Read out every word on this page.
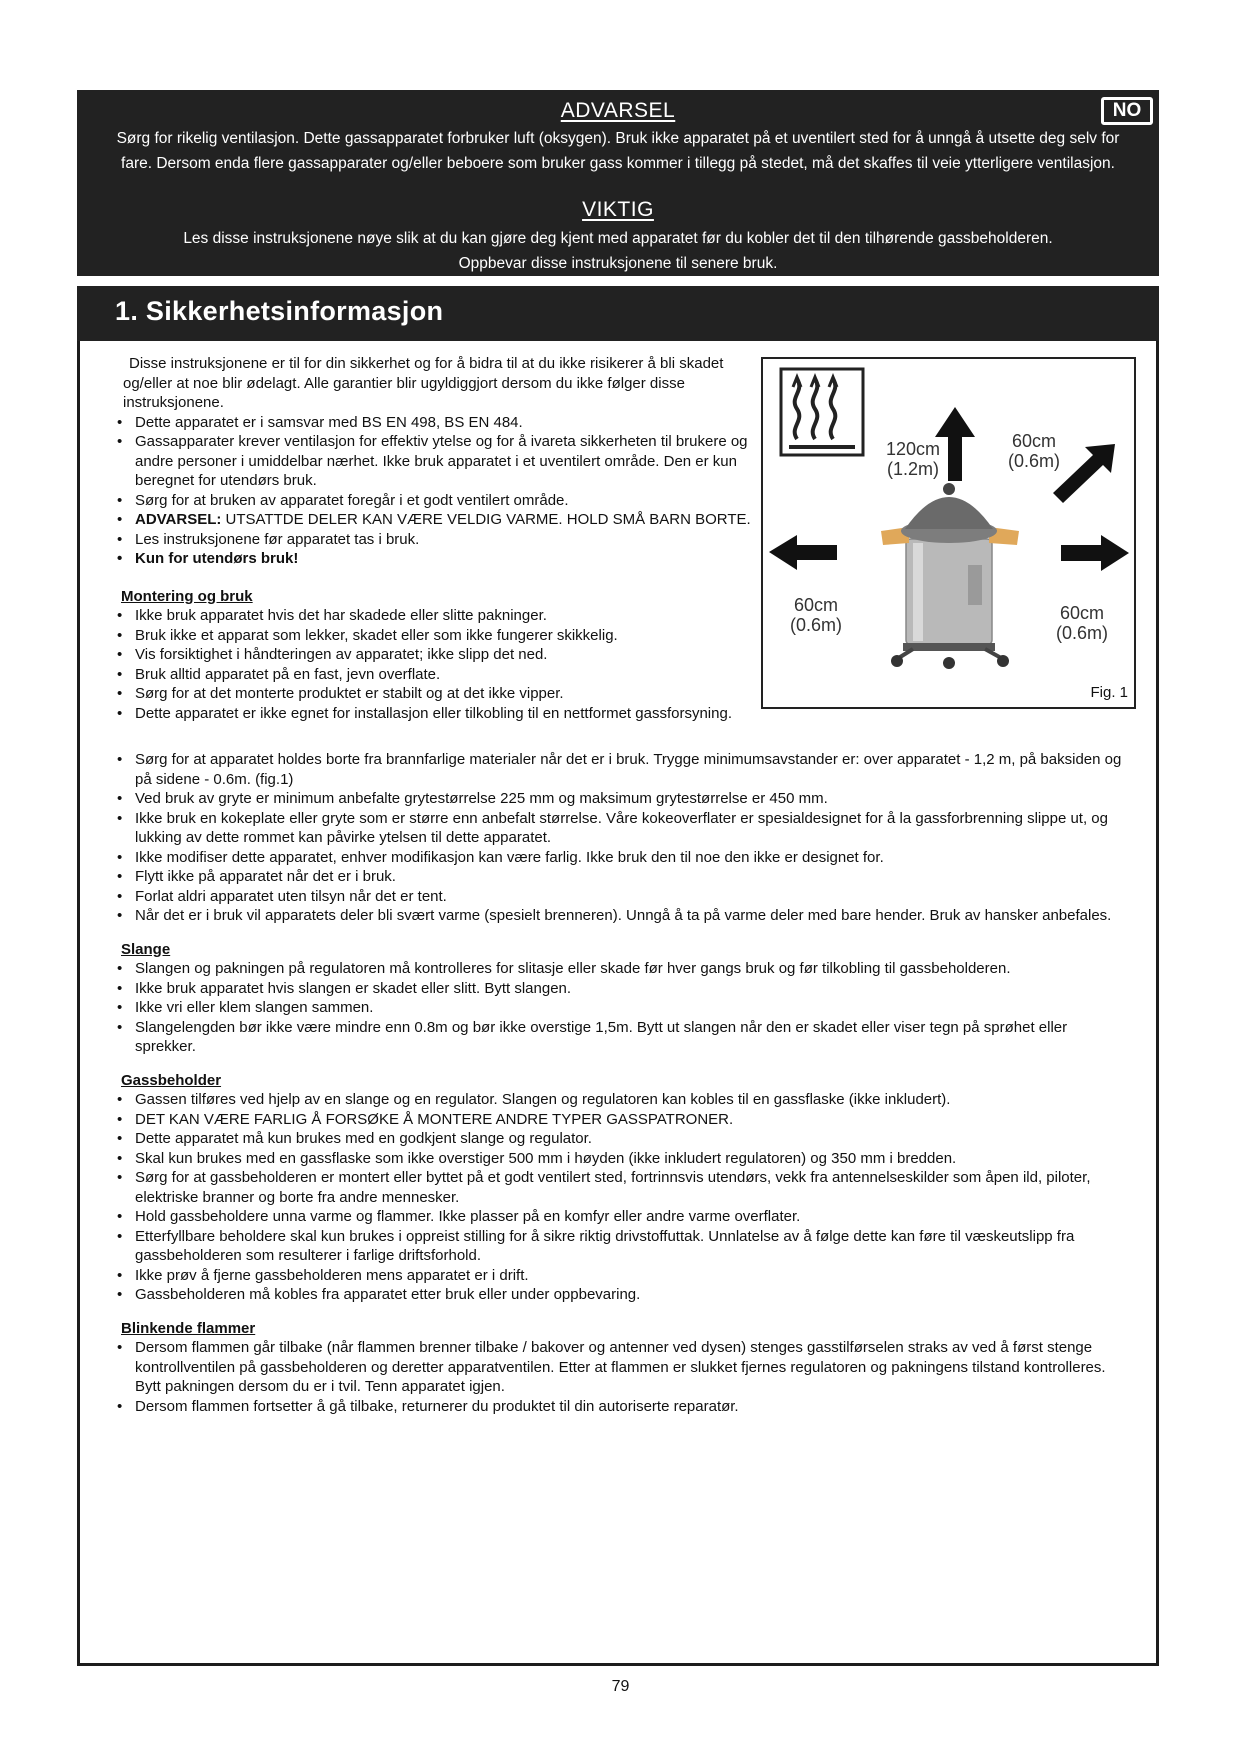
NO
ADVARSEL
Sørg for rikelig ventilasjon. Dette gassapparatet forbruker luft (oksygen). Bruk ikke apparatet på et uventilert sted for å unngå å utsette deg selv for fare. Dersom enda flere gassapparater og/eller beboere som bruker gass kommer i tillegg på stedet, må det skaffes til veie ytterligere ventilasjon.
VIKTIG
Les disse instruksjonene nøye slik at du kan gjøre deg kjent med apparatet før du kobler det til den tilhørende gassbeholderen.
Oppbevar disse instruksjonene til senere bruk.
1. Sikkerhetsinformasjon
Disse instruksjonene er til for din sikkerhet og for å bidra til at du ikke risikerer å bli skadet
og/eller at noe blir ødelagt. Alle garantier blir ugyldiggjort dersom du ikke følger disse instruksjonene.
• Dette apparatet er i samsvar med BS EN 498, BS EN 484.
• Gassapparater krever ventilasjon for effektiv ytelse og for å ivareta sikkerheten til brukere og andre personer i umiddelbar nærhet. Ikke bruk apparatet i et uventilert område. Den er kun beregnet for utendørs bruk.
• Sørg for at bruken av apparatet foregår i et godt ventilert område.
• ADVARSEL: UTSATTDE DELER KAN VÆRE VELDIG VARME. HOLD SMÅ BARN BORTE.
• Les instruksjonene før apparatet tas i bruk.
• Kun for utendørs bruk!
Montering og bruk
• Ikke bruk apparatet hvis det har skadede eller slitte pakninger.
• Bruk ikke et apparat som lekker, skadet eller som ikke fungerer skikkelig.
• Vis forsiktighet i håndteringen av apparatet; ikke slipp det ned.
• Bruk alltid apparatet på en fast, jevn overflate.
• Sørg for at det monterte produktet er stabilt og at det ikke vipper.
• Dette apparatet er ikke egnet for installasjon eller tilkobling til en nettformet gassforsyning.
120cm
(1.2m)
60cm
(0.6m)
60cm
(0.6m)
60cm
(0.6m)
Fig. 1
• Sørg for at apparatet holdes borte fra brannfarlige materialer når det er i bruk. Trygge minimumsavstander er: over apparatet - 1,2 m, på baksiden og på sidene - 0.6m. (fig.1)
• Ved bruk av gryte er minimum anbefalte grytestørrelse 225 mm og maksimum grytestørrelse er 450 mm.
• Ikke bruk en kokeplate eller gryte som er større enn anbefalt størrelse. Våre kokeoverflater er spesialdesignet for å la gassforbrenning slippe ut, og lukking av dette rommet kan påvirke ytelsen til dette apparatet.
• Ikke modifiser dette apparatet, enhver modifikasjon kan være farlig. Ikke bruk den til noe den ikke er designet for.
• Flytt ikke på apparatet når det er i bruk.
• Forlat aldri apparatet uten tilsyn når det er tent.
• Når det er i bruk vil apparatets deler bli svært varme (spesielt brenneren). Unngå å ta på varme deler med bare hender. Bruk av hansker anbefales.
Slange
• Slangen og pakningen på regulatoren må kontrolleres for slitasje eller skade før hver gangs bruk og før tilkobling til gassbeholderen.
• Ikke bruk apparatet hvis slangen er skadet eller slitt. Bytt slangen.
• Ikke vri eller klem slangen sammen.
• Slangelengden bør ikke være mindre enn 0.8m og bør ikke overstige 1,5m. Bytt ut slangen når den er skadet eller viser tegn på sprøhet eller sprekker.
Gassbeholder
• Gassen tilføres ved hjelp av en slange og en regulator. Slangen og regulatoren kan kobles til en gassflaske (ikke inkludert).
• DET KAN VÆRE FARLIG Å FORSØKE Å MONTERE ANDRE TYPER GASSPATRONER.
• Dette apparatet må kun brukes med en godkjent slange og regulator.
• Skal kun brukes med en gassflaske som ikke overstiger 500 mm i høyden (ikke inkludert regulatoren) og 350 mm i bredden.
• Sørg for at gassbeholderen er montert eller byttet på et godt ventilert sted, fortrinnsvis utendørs, vekk fra antennelseskilder som åpen ild, piloter, elektriske branner og borte fra andre mennesker.
• Hold gassbeholdere unna varme og flammer. Ikke plasser på en komfyr eller andre varme overflater.
• Etterfyllbare beholdere skal kun brukes i oppreist stilling for å sikre riktig drivstoffuttak. Unnlatelse av å følge dette kan føre til væskeutslipp fra gassbeholderen som resulterer i farlige driftsforhold.
• Ikke prøv å fjerne gassbeholderen mens apparatet er i drift.
• Gassbeholderen må kobles fra apparatet etter bruk eller under oppbevaring.
Blinkende flammer
• Dersom flammen går tilbake (når flammen brenner tilbake / bakover og antenner ved dysen) stenges gasstilførselen straks av ved å først stenge kontrollventilen på gassbeholderen og deretter apparatventilen. Etter at flammen er slukket fjernes regulatoren og pakningens tilstand kontrolleres. Bytt pakningen dersom du er i tvil. Tenn apparatet igjen.
• Dersom flammen fortsetter å gå tilbake, returnerer du produktet til din autoriserte reparatør.
79
